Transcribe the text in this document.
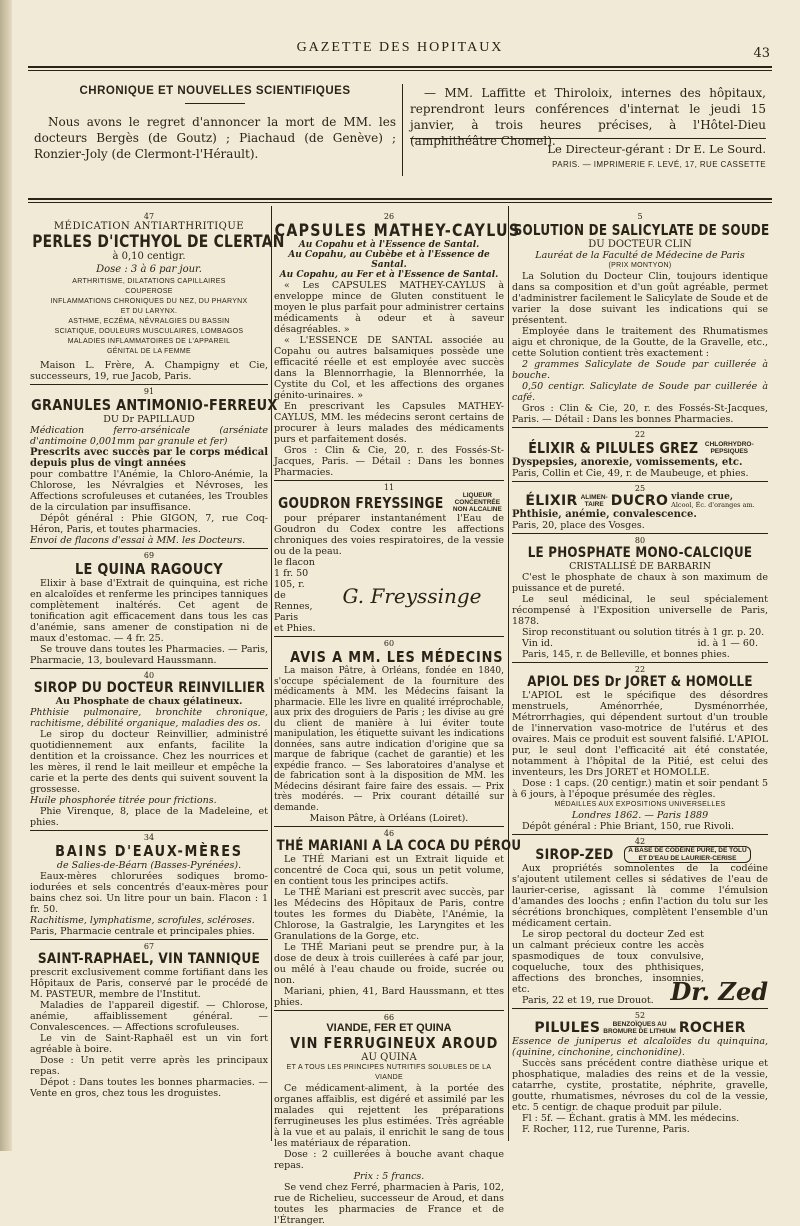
GAZETTE DES HOPITAUX	43
CHRONIQUE ET NOUVELLES SCIENTIFIQUES

Nous avons le regret d'annoncer la mort de MM. les docteurs Bergès (de Goutz) ; Piachaud (de Genève) ; Ronzier-Joly (de Clermont-l'Hérault).

— MM. Laffitte et Thiroloix, internes des hôpitaux, reprendront leurs conférences d'internat le jeudi 15 janvier, à trois heures précises, à l'Hôtel-Dieu (amphithéâtre Chomel).

Le Directeur-gérant : Dr E. Le Sourd.
PARIS. — IMPRIMERIE F. LEVÉ, 17, RUE CASSETTE
47
MÉDICATION ANTIARTHRITIQUE
PERLES D'ICTHYOL DE CLERTAN
à 0,10 centigr.
Dose : 3 à 6 par jour.
ARTHRITISME, DILATATIONS CAPILLAIRES
COUPEROSE
INFLAMMATIONS CHRONIQUES DU NEZ, DU PHARYNX
ET DU LARYNX.
ASTHME, ECZÉMA, NÉVRALGIES DU BASSIN
SCIATIQUE, DOULEURS MUSCULAIRES, LOMBAGOS
MALADIES INFLAMMATOIRES DE L'APPAREIL
GÉNITAL DE LA FEMME

Maison L. Frère, A. Champigny et Cie, successeurs, 19, rue Jacob, Paris.

91
GRANULES ANTIMONIO-FERREUX
DU Dr PAPILLAUD

Médication ferro-arsénicale (arséniate d'antimoine 0,001mm par granule et fer)

Prescrits avec succès par le corps médical depuis plus de vingt années

pour combattre l'Anémie, la Chloro-Anémie, la Chlorose, les Névralgies et Névroses, les Affections scrofuleuses et cutanées, les Troubles de la circulation par insuffisance.

Dépôt général : Phie GIGON, 7, rue Coq-Héron, Paris, et toutes pharmacies.

Envoi de flacons d'essai à MM. les Docteurs.

69
LE QUINA RAGOUCY

Elixir à base d'Extrait de quinquina, est riche en alcaloïdes et renferme les principes tanniques complètement inaltérés. Cet agent de tonification agit efficacement dans tous les cas d'anémie, sans amener de constipation ni de maux d'estomac. — 4 fr. 25.

Se trouve dans toutes les Pharmacies. — Paris, Pharmacie, 13, boulevard Haussmann.

40
SIROP DU DOCTEUR REINVILLIER
Au Phosphate de chaux gélatineux.

Phthisie pulmonaire, bronchite chronique, rachitisme, débilité organique, maladies des os.

Le sirop du docteur Reinvillier, administré quotidiennement aux enfants, facilite la dentition et la croissance. Chez les nourrices et les mères, il rend le lait meilleur et empêche la carie et la perte des dents qui suivent souvent la grossesse.

Huile phosphorée titrée pour frictions.

Phie Virenque, 8, place de la Madeleine, et phies.

34
BAINS D'EAUX-MÈRES
de Salies-de-Béarn (Basses-Pyrénées).

Eaux-mères chlorurées sodiques bromo-iodurées et sels concentrés d'eaux-mères pour bains chez soi. Un litre pour un bain. Flacon : 1 fr. 50.

Rachitisme, lymphatisme, scrofules, scléroses.

Paris, Pharmacie centrale et principales phies.

67
SAINT-RAPHAEL, VIN TANNIQUE

prescrit exclusivement comme fortifiant dans les Hôpitaux de Paris, conservé par le procédé de M. PASTEUR, membre de l'Institut.

Maladies de l'appareil digestif. — Chlorose, anémie, affaiblissement général. — Convalescences. — Affections scrofuleuses.

Le vin de Saint-Raphaël est un vin fort agréable à boire.

Dose : Un petit verre après les principaux repas.

Dépot : Dans toutes les bonnes pharmacies. — Vente en gros, chez tous les droguistes.

26
CAPSULES MATHEY-CAYLUS
Au Copahu et à l'Essence de Santal.
Au Copahu, au Cubèbe et à l'Essence de Santal.
Au Copahu, au Fer et à l'Essence de Santal.

« Les CAPSULES MATHEY-CAYLUS à enveloppe mince de Gluten constituent le moyen le plus parfait pour administrer certains médicaments à odeur et à saveur désagréables. »

« L'ESSENCE DE SANTAL associée au Copahu ou autres balsamiques possède une efficacité réelle et est employée avec succès dans la Blennorrhagie, la Blennorrhée, la Cystite du Col, et les affections des organes génito-urinaires. »

En prescrivant les Capsules MATHEY-CAYLUS, MM. les médecins seront certains de procurer à leurs malades des médicaments purs et parfaitement dosés.

Gros : Clin & Cie, 20, r. des Fossés-St-Jacques, Paris. — Détail : Dans les bonnes Pharmacies.

11
GOUDRON FREYSSINGE	LIQUEUR CONCENTRÉE
NON ALCALINE

pour préparer instantanément l'Eau de Goudron du Codex contre les affections chroniques des voies respiratoires, de la vessie ou de la peau.

le flacon
1 fr. 50
105, r. de
Rennes,
Paris
et Phies.
G. Freyssinge
60
AVIS A MM. LES MÉDECINS

La maison Pâtre, à Orléans, fondée en 1840, s'occupe spécialement de la fourniture des médicaments à MM. les Médecins faisant la pharmacie. Elle les livre en qualité irréprochable, aux prix des droguiers de Paris ; les divise au gré du client de manière à lui éviter toute manipulation, les étiquette suivant les indications données, sans autre indication d'origine que sa marque de fabrique (cachet de garantie) et les expédie franco. — Ses laboratoires d'analyse et de fabrication sont à la disposition de MM. les Médecins désirant faire faire des essais. — Prix très modérés. — Prix courant détaillé sur demande.

Maison Pâtre, à Orléans (Loiret).
46
THÉ MARIANI A LA COCA DU PÉROU

Le THÉ Mariani est un Extrait liquide et concentré de Coca qui, sous un petit volume, en contient tous les principes actifs.

Le THÉ Mariani est prescrit avec succès, par les Médecins des Hôpitaux de Paris, contre toutes les formes du Diabète, l'Anémie, la Chlorose, la Gastralgie, les Laryngites et les Granulations de la Gorge, etc.

Le THÉ Mariani peut se prendre pur, à la dose de deux à trois cuillerées à café par jour, ou mêlé à l'eau chaude ou froide, sucrée ou non.

Mariani, phien, 41, Bard Haussmann, et ttes phies.

66
VIANDE, FER ET QUINA
VIN FERRUGINEUX AROUD
AU QUINA
ET A TOUS LES PRINCIPES NUTRITIFS SOLUBLES DE LA VIANDE

Ce médicament-aliment, à la portée des organes affaiblis, est digéré et assimilé par les malades qui rejettent les préparations ferrugineuses les plus estimées. Très agréable à la vue et au palais, il enrichit le sang de tous les matériaux de réparation.

Dose : 2 cuillerées à bouche avant chaque repas.

Prix : 5 francs.

Se vend chez Ferré, pharmacien à Paris, 102, rue de Richelieu, successeur de Aroud, et dans toutes les pharmacies de France et de l'Étranger.

5
SOLUTION DE SALICYLATE DE SOUDE
DU DOCTEUR CLIN
Lauréat de la Faculté de Médecine de Paris
(PRIX MONTYON)

La Solution du Docteur Clin, toujours identique dans sa composition et d'un goût agréable, permet d'administrer facilement le Salicylate de Soude et de varier la dose suivant les indications qui se présentent.

Employée dans le traitement des Rhumatismes aigu et chronique, de la Goutte, de la Gravelle, etc., cette Solution contient très exactement :

2 grammes Salicylate de Soude par cuillerée à bouche.

0,50 centigr. Salicylate de Soude par cuillerée à café.

Gros : Clin & Cie, 20, r. des Fossés-St-Jacques, Paris. — Détail : Dans les bonnes Pharmacies.

22
ÉLIXIR & PILULES GREZ CHLORHYDRO-
PEPSIQUES

Dyspepsies, anorexie, vomissements, etc.

Paris, Collin et Cie, 49, r. de Maubeuge, et phies.

25
ÉLIXIR ALIMEN-
TAIRE DUCRO viande crue,
Alcool, Éc. d'oranges am.

Phthisie, anémie, convalescence.

Paris, 20, place des Vosges.

80
LE PHOSPHATE MONO-CALCIQUE
CRISTALLISÉ DE BARBARIN

C'est le phosphate de chaux à son maximum de puissance et de pureté.

Le seul médicinal, le seul spécialement récompensé à l'Exposition universelle de Paris, 1878.

Sirop reconstituant ou solution titrés à 1 gr. p. 20.

Vin id.	id. à 1 — 60.

Paris, 145, r. de Belleville, et bonnes phies.

22
APIOL DES Dr JORET & HOMOLLE

L'APIOL est le spécifique des désordres menstruels, Aménorrhée, Dysménorrhée, Métrorrhagies, qui dépendent surtout d'un trouble de l'innervation vaso-motrice de l'utérus et des ovaires. Mais ce produit est souvent falsifié. L'APIOL pur, le seul dont l'efficacité ait été constatée, notamment à l'hôpital de la Pitié, est celui des inventeurs, les Drs JORET et HOMOLLE.

Dose : 1 caps. (20 centigr.) matin et soir pendant 5 à 6 jours, à l'époque présumée des règles.

MÉDAILLES AUX EXPOSITIONS UNIVERSELLES
Londres 1862. — Paris 1889

Dépôt général : Phie Briant, 150, rue Rivoli.

42
SIROP-ZED A BASE DE CODÉINE PURE, DE TOLU
ET D'EAU DE LAURIER-CERISE

Aux propriétés somnolentes de la codéine s'ajoutent utilement celles si sédatives de l'eau de laurier-cerise, agissant là comme l'émulsion d'amandes des loochs ; enfin l'action du tolu sur les sécrétions bronchiques, complètent l'ensemble d'un médicament certain.

Le sirop pectoral du docteur Zed est un calmant précieux contre les accès spasmodiques de toux convulsive, coqueluche, toux des phthisiques, affections des bronches, insomnies, etc.

Paris, 22 et 19, rue Drouot. Dr. Zed
52
PILULES	BENZOÏQUES AU
BROMURE DE LITHIUM ROCHER

Essence de juniperus et alcaloïdes du quinquina, (quinine, cinchonine, cinchonidine).

Succès sans précédent contre diathèse urique et phosphatique, maladies des reins et de la vessie, catarrhe, cystite, prostatite, néphrite, gravelle, goutte, rhumatismes, névroses du col de la vessie, etc. 5 centigr. de chaque produit par pilule.

Fl : 5f. — Échant. gratis à MM. les médecins.

F. Rocher, 112, rue Turenne, Paris.
